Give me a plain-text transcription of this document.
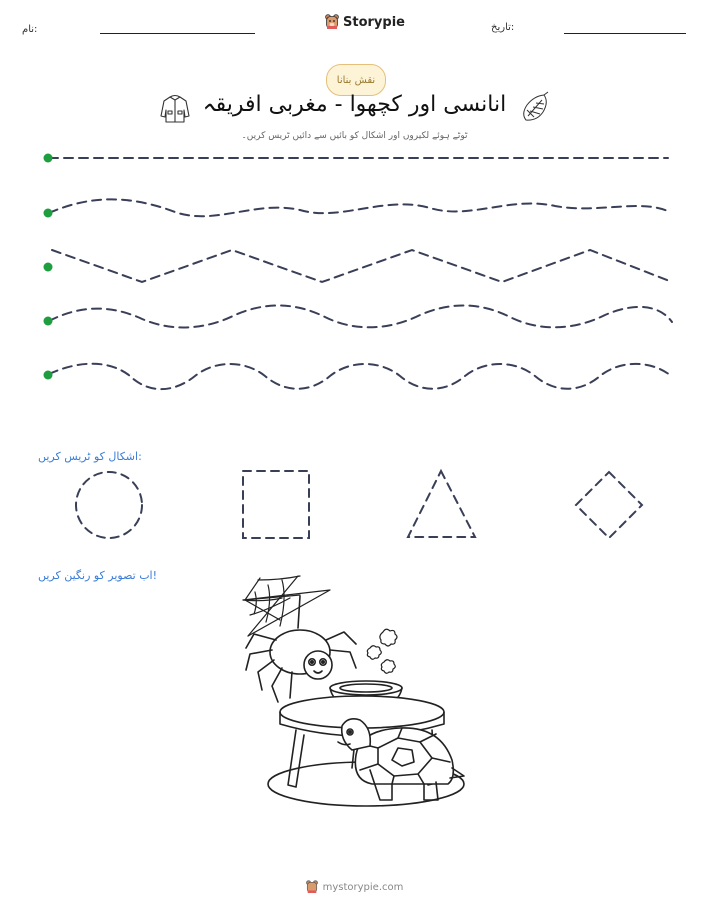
نام:	Storypie	تاریخ:
نقش بنانا
انانسی اور کچھوا - مغربی افریقہ
ٹوٹے ہوئے لکیروں اور اشکال کو بائیں سے دائیں ٹریس کریں۔
اشکال کو ٹریس کریں:
اب تصویر کو رنگین کریں!
mystorypie.com
